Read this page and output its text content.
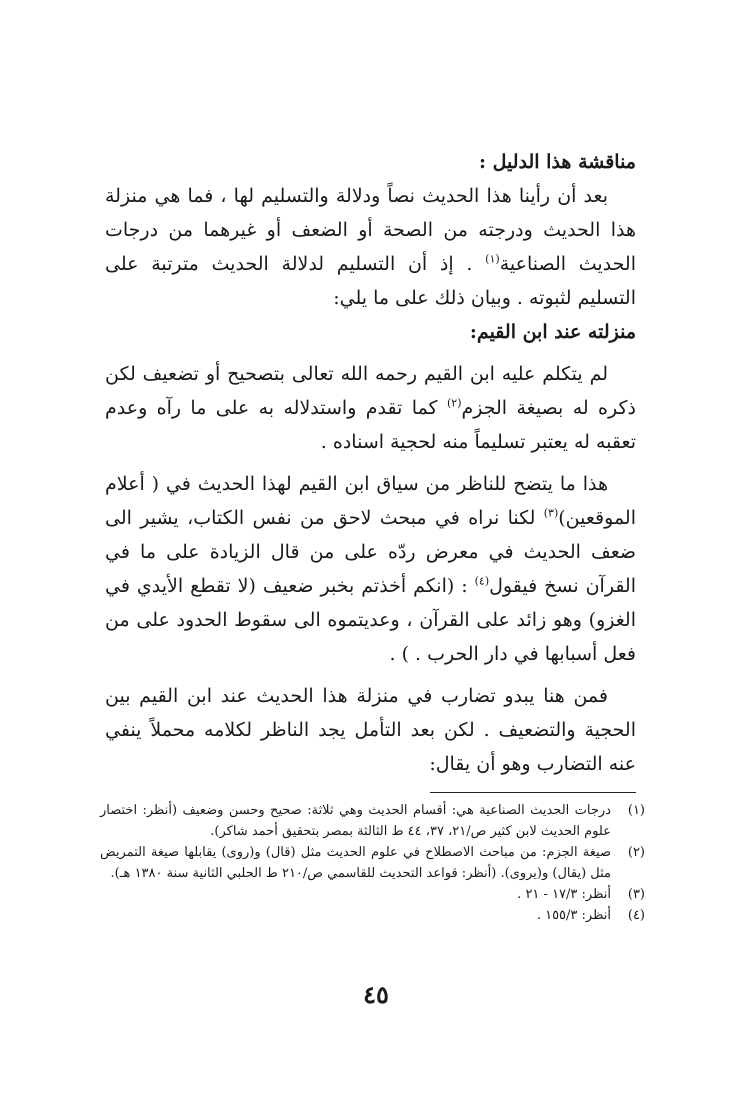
مناقشة هذا الدليل :

بعد أن رأينا هذا الحديث نصاً ودلالة والتسليم لها ، فما هي منزلة هذا الحديث ودرجته من الصحة أو الضعف أو غيرهما من درجات الحديث الصناعية$^{(١)}$ . إذ أن التسليم لدلالة الحديث مترتبة على التسليم لثبوته . وبيان ذلك على ما يلي:

منزلته عند ابن القيم:

لم يتكلم عليه ابن القيم رحمه الله تعالى بتصحيح أو تضعيف لكن ذكره له بصيغة الجزم$^{(٢)}$ كما تقدم واستدلاله به على ما رآه وعدم تعقبه له يعتبر تسليماً منه لحجية اسناده .

هذا ما يتضح للناظر من سياق ابن القيم لهذا الحديث في ( أعلام الموقعين)$^{(٣)}$ لكنا نراه في مبحث لاحق من نفس الكتاب، يشير الى ضعف الحديث في معرض ردّه على من قال الزيادة على ما في القرآن نسخ فيقول$^{(٤)}$ : (انكم أخذتم بخبر ضعيف (لا تقطع الأيدي في الغزو) وهو زائد على القرآن ، وعديتموه الى سقوط الحدود على من فعل أسبابها في دار الحرب . ) .

فمن هنا يبدو تضارب في منزلة هذا الحديث عند ابن القيم بين الحجية والتضعيف . لكن بعد التأمل يجد الناظر لكلامه محملاً ينفي عنه التضارب وهو أن يقال:

(١)
درجات الحديث الصناعية هي: أقسام الحديث وهي ثلاثة: صحيح وحسن وضعيف (أنظر: اختصار علوم الحديث لابن كثير ص/٢١، ٣٧، ٤٤ ط الثالثة بمصر بتحقيق أحمد شاكر).

(٢)
صيغة الجزم: من مباحث الاصطلاح في علوم الحديث مثل (قال) و(روى) يقابلها صيغة التمريض مثل (يقال) و(يروى). (أنظر: قواعد التحديث للقاسمي ص/٢١٠ ط الحلبي الثانية سنة ١٣٨٠ هـ).

(٣)
أنظر: ١٧/٣ - ٢١ .

(٤)
أنظر: ١٥٥/٣ .

٤٥
